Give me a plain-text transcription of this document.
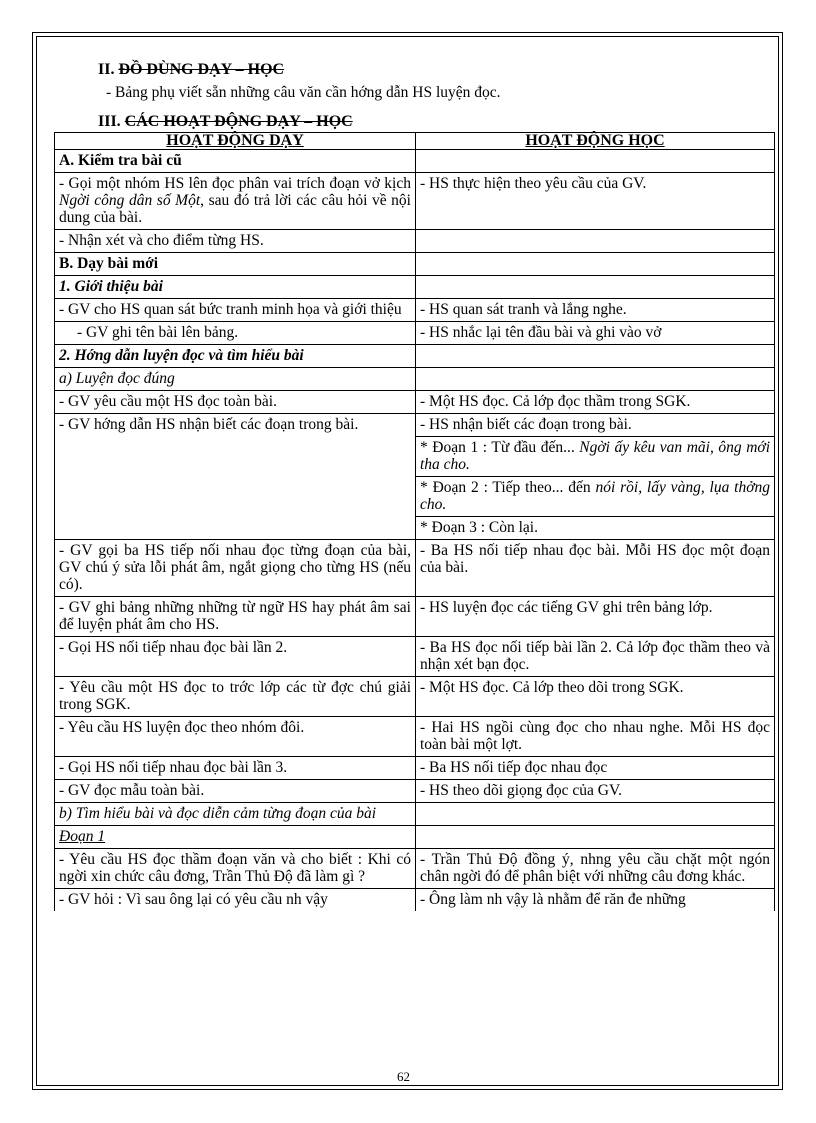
II. ĐỒ DÙNG DẠY – HỌC
- Bảng phụ viết sẵn những câu văn cần hớng dẫn HS luyện đọc.
III. CÁC HOẠT ĐỘNG DẠY – HỌC
HOẠT ĐỘNG DẠY	HOẠT ĐỘNG HỌC
A. Kiểm tra bài cũ	
- Gọi một nhóm HS lên đọc phân vai trích đoạn vở kịch Ngời công dân số Một, sau đó trả lời các câu hỏi về nội dung của bài.	- HS thực hiện theo yêu cầu của GV.
- Nhận xét và cho điểm từng HS.	
B. Dạy bài mới	
1. Giới thiệu bài	
- GV cho HS quan sát bức tranh minh họa và giới thiệu	- HS quan sát tranh và lắng nghe.
- GV ghi tên bài lên bảng.	- HS nhắc lại tên đầu bài và ghi vào vở
2. Hớng dẫn luyện đọc và tìm hiểu bài	
a) Luyện đọc đúng	
- GV yêu cầu một HS đọc toàn bài.	- Một HS đọc. Cả lớp đọc thầm trong SGK.
- GV hớng dẫn HS nhận biết các đoạn trong bài.	- HS nhận biết các đoạn trong bài.
	* Đoạn 1 : Từ đầu đến... Ngời ấy kêu van mãi, ông mới tha cho.
	* Đoạn 2 : Tiếp theo... đến nói rồi, lấy vàng, lụa thởng cho.
	* Đoạn 3 : Còn lại.
- GV gọi ba HS tiếp nối nhau đọc từng đoạn của bài, GV chú ý sửa lỗi phát âm, ngắt giọng cho từng HS (nếu có).	- Ba HS nối tiếp nhau đọc bài. Mỗi HS đọc một đoạn của bài.
- GV ghi bảng những những từ ngữ HS hay phát âm sai để luyện phát âm cho HS.	- HS luyện đọc các tiếng GV ghi trên bảng lớp.
- Gọi HS nối tiếp nhau đọc bài lần 2.	- Ba HS đọc nối tiếp bài lần 2. Cả lớp đọc thầm theo và nhận xét bạn đọc.
- Yêu cầu một HS đọc to trớc lớp các từ đợc chú giải trong SGK.	- Một HS đọc. Cả lớp theo dõi trong SGK.
- Yêu cầu HS luyện đọc theo nhóm đôi.	- Hai HS ngồi cùng đọc cho nhau nghe. Mỗi HS đọc toàn bài một lợt.
- Gọi HS nối tiếp nhau đọc bài lần 3.	- Ba HS nối tiếp đọc nhau đọc
- GV đọc mẫu toàn bài.	- HS theo dõi giọng đọc của GV.
b) Tìm hiểu bài và đọc diễn cảm từng đoạn của bài	
Đoạn 1	
- Yêu cầu HS đọc thầm đoạn văn và cho biết : Khi có ngời xin chức câu đơng, Trần Thủ Độ đã làm gì ?	- Trần Thủ Độ đồng ý, nhng yêu cầu chặt một ngón chân ngời đó để phân biệt với những câu đơng khác.
- GV hỏi : Vì sau ông lại có yêu cầu nh vậy	- Ông làm nh vậy là nhằm để răn đe những
62
